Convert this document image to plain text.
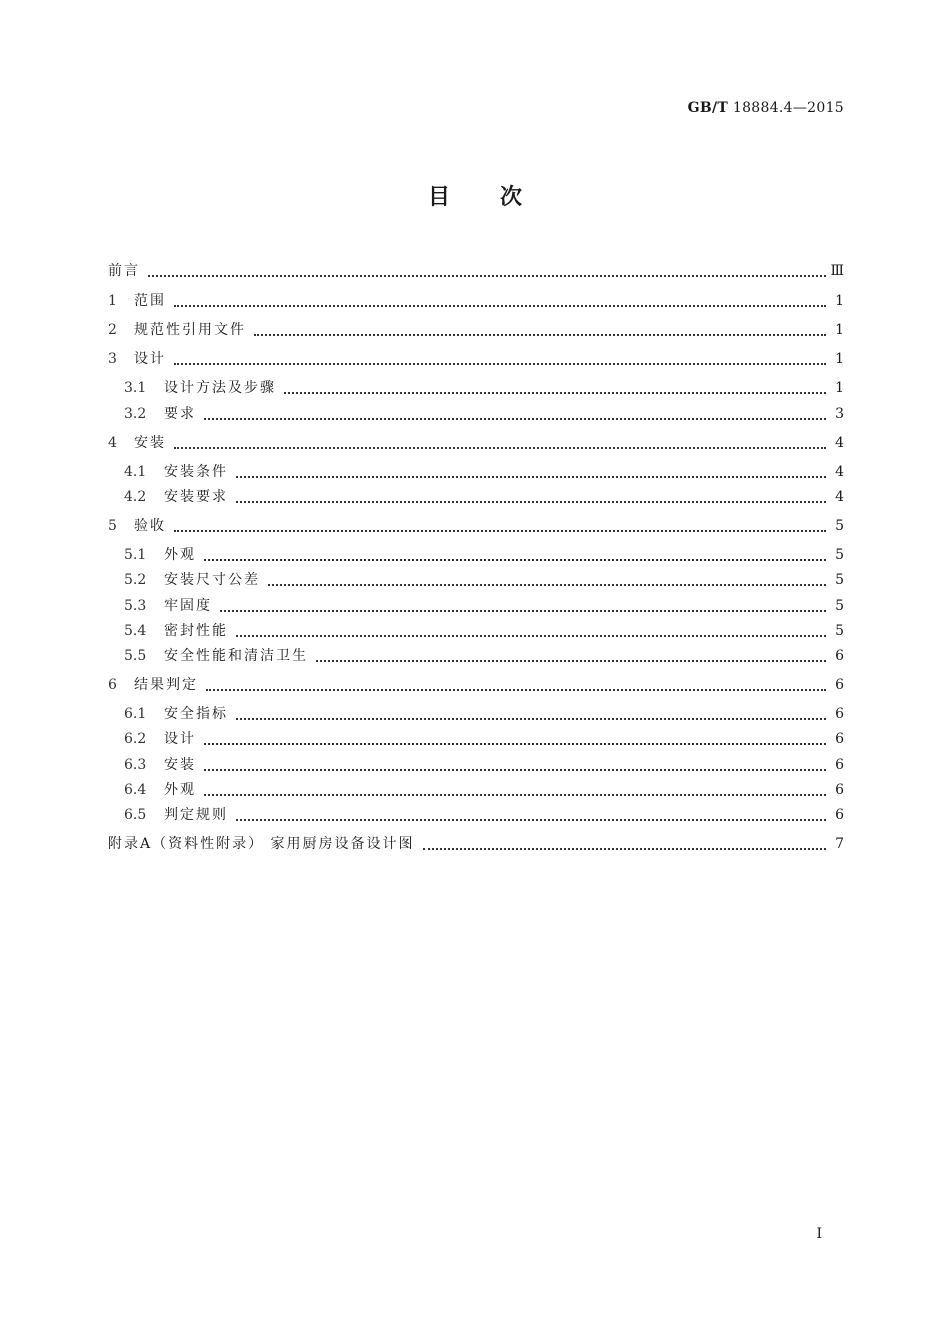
GB/T 18884.4—2015
目次
前言	Ⅲ
1	范围	1
2	规范性引用文件	1
3	设计	1
3.1	设计方法及步骤	1
3.2	要求	3
4	安装	4
4.1	安装条件	4
4.2	安装要求	4
5	验收	5
5.1	外观	5
5.2	安装尺寸公差	5
5.3	牢固度	5
5.4	密封性能	5
5.5	安全性能和清洁卫生	6
6	结果判定	6
6.1	安全指标	6
6.2	设计	6
6.3	安装	6
6.4	外观	6
6.5	判定规则	6
附录A（资料性附录） 家用厨房设备设计图	7
I
